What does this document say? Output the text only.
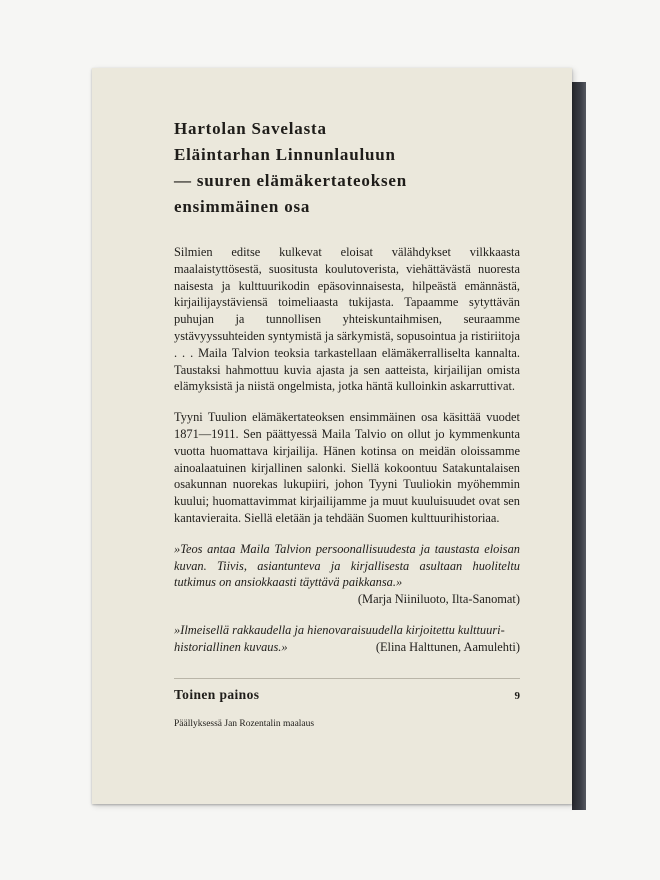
Hartolan Savelasta
Eläintarhan Linnunlauluun
— suuren elämäkertateoksen
ensimmäinen osa

Silmien editse kulkevat eloisat välähdykset vilkkaasta maalaistyttösestä, suositusta koulutoverista, viehättävästä nuoresta naisesta ja kulttuurikodin epäsovinnaisesta, hilpeästä emännästä, kirjailijaystäviensä toimeliaasta tukijasta. Tapaamme sytyttävän puhujan ja tunnollisen yhteiskuntaihmisen, seuraamme ystävyyssuhteiden syntymistä ja särkymistä, sopusointua ja ristiriitoja . . . Maila Talvion teoksia tarkastellaan elämäkerralliselta kannalta. Taustaksi hahmottuu kuvia ajasta ja sen aatteista, kirjailijan omista elämyksistä ja niistä ongelmista, jotka häntä kulloinkin askarruttivat.

Tyyni Tuulion elämäkertateoksen ensimmäinen osa käsittää vuodet 1871—1911. Sen päättyessä Maila Talvio on ollut jo kymmenkunta vuotta huomattava kirjailija. Hänen kotinsa on meidän oloissamme ainoalaatuinen kirjallinen salonki. Siellä kokoontuu Satakuntalaisen osakunnan nuorekas lukupiiri, johon Tyyni Tuuliokin myöhemmin kuului; huomattavimmat kirjailijamme ja muut kuuluisuudet ovat sen kantavieraita. Siellä eletään ja tehdään Suomen kulttuurihistoriaa.

»Teos antaa Maila Talvion persoonallisuudesta ja taustasta eloisan kuvan. Tiivis, asiantunteva ja kirjallisesta asultaan huoliteltu tutkimus on ansiokkaasti täyttävä paikkansa.»
(Marja Niiniluoto, Ilta-Sanomat)
»Ilmeisellä rakkaudella ja hienovaraisuudella kirjoitettu kulttuuri-
historiallinen kuvaus.»	(Elina Halttunen, Aamulehti)
Toinen painos	9
Päällyksessä Jan Rozentalin maalaus
